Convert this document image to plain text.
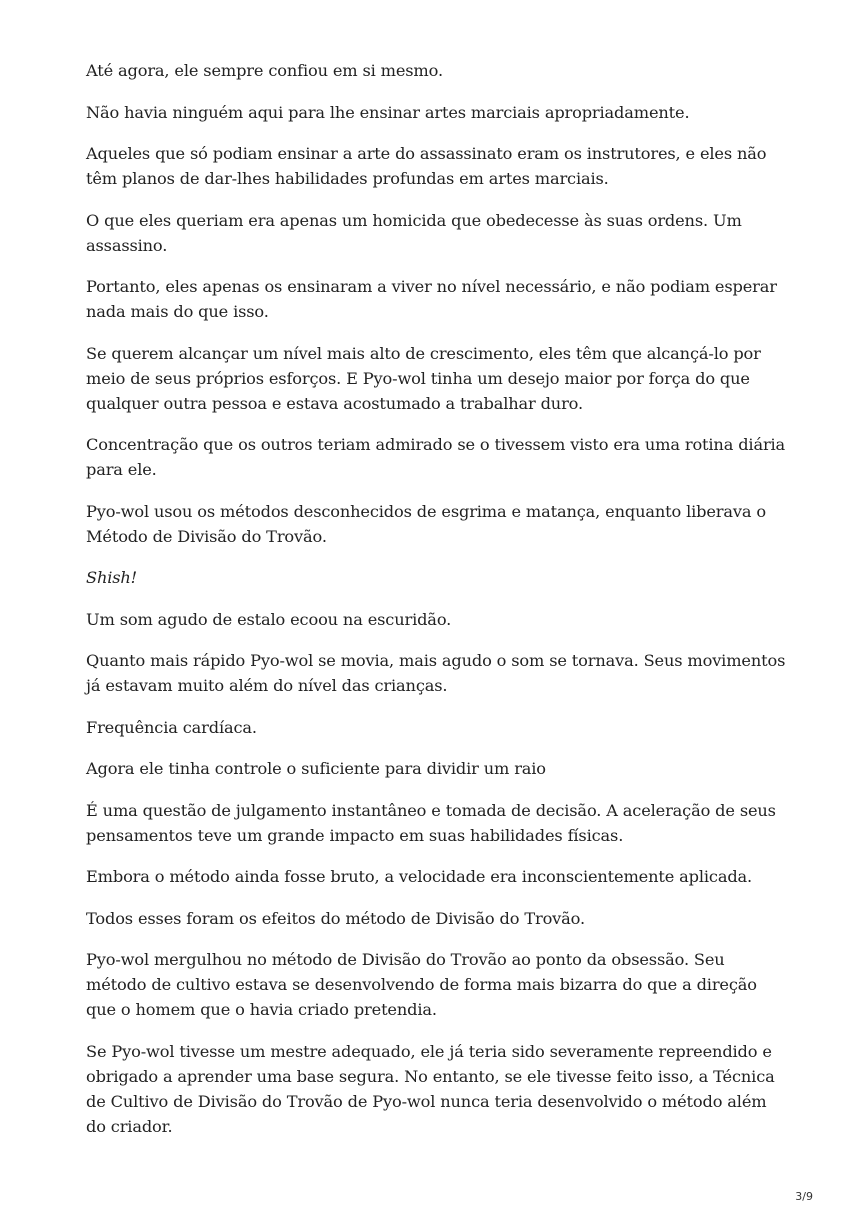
Até agora, ele sempre confiou em si mesmo.

Não havia ninguém aqui para lhe ensinar artes marciais apropriadamente.

Aqueles que só podiam ensinar a arte do assassinato eram os instrutores, e eles não têm planos de dar-lhes habilidades profundas em artes marciais.

O que eles queriam era apenas um homicida que obedecesse às suas ordens. Um assassino.

Portanto, eles apenas os ensinaram a viver no nível necessário, e não podiam esperar nada mais do que isso.

Se querem alcançar um nível mais alto de crescimento, eles têm que alcançá-lo por meio de seus próprios esforços. E Pyo-wol tinha um desejo maior por força do que qualquer outra pessoa e estava acostumado a trabalhar duro.

Concentração que os outros teriam admirado se o tivessem visto era uma rotina diária para ele.

Pyo-wol usou os métodos desconhecidos de esgrima e matança, enquanto liberava o Método de Divisão do Trovão.

Shish!

Um som agudo de estalo ecoou na escuridão.

Quanto mais rápido Pyo-wol se movia, mais agudo o som se tornava. Seus movimentos já estavam muito além do nível das crianças.

Frequência cardíaca.

Agora ele tinha controle o suficiente para dividir um raio

É uma questão de julgamento instantâneo e tomada de decisão. A aceleração de seus pensamentos teve um grande impacto em suas habilidades físicas.

Embora o método ainda fosse bruto, a velocidade era inconscientemente aplicada.

Todos esses foram os efeitos do método de Divisão do Trovão.

Pyo-wol mergulhou no método de Divisão do Trovão ao ponto da obsessão. Seu método de cultivo estava se desenvolvendo de forma mais bizarra do que a direção que o homem que o havia criado pretendia.

Se Pyo-wol tivesse um mestre adequado, ele já teria sido severamente repreendido e obrigado a aprender uma base segura. No entanto, se ele tivesse feito isso, a Técnica de Cultivo de Divisão do Trovão de Pyo-wol nunca teria desenvolvido o método além do criador.

3/9
